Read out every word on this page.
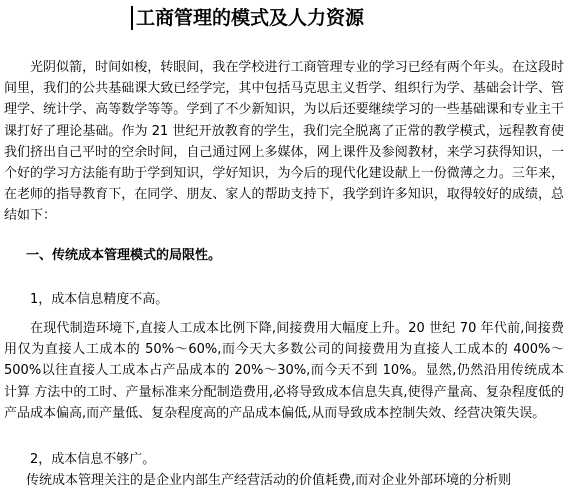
工商管理的模式及人力资源

光阴似箭，时间如梭，转眼间，我在学校进行工商管理专业的学习已经有两个年头。在这段时间里，我们的公共基础课大致已经学完，其中包括马克思主义哲学、组织行为学、基础会计学、管理学、统计学、高等数学等等。学到了不少新知识，为以后还要继续学习的一些基础课和专业主干课打好了理论基础。作为 21 世纪开放教育的学生，我们完全脱离了正常的教学模式，远程教育使我们挤出自己平时的空余时间，自己通过网上多媒体，网上课件及参阅教材，来学习获得知识，一个好的学习方法能有助于学到知识，学好知识，为今后的现代化建设献上一份微薄之力。三年来，在老师的指导教育下，在同学、朋友、家人的帮助支持下，我学到许多知识，取得较好的成绩，总结如下：

一、传统成本管理模式的局限性。
1，成本信息精度不高。

在现代制造环境下,直接人工成本比例下降,间接费用大幅度上升。20 世纪 70 年代前,间接费用仅为直接人工成本的 50%～60%,而今天大多数公司的间接费用为直接人工成本的 400%～500%以往直接人工成本占产品成本的 20%～30%,而今天不到 10%。显然,仍然沿用传统成本 计算 方法中的工时、产量标准来分配制造费用,必将导致成本信息失真,使得产量高、复杂程度低的产品成本偏高,而产量低、复杂程度高的产品成本偏低,从而导致成本控制失效、经营决策失误。

2，成本信息不够广。

传统成本管理关注的是企业内部生产经营活动的价值耗费,而对企业外部环境的分析则
